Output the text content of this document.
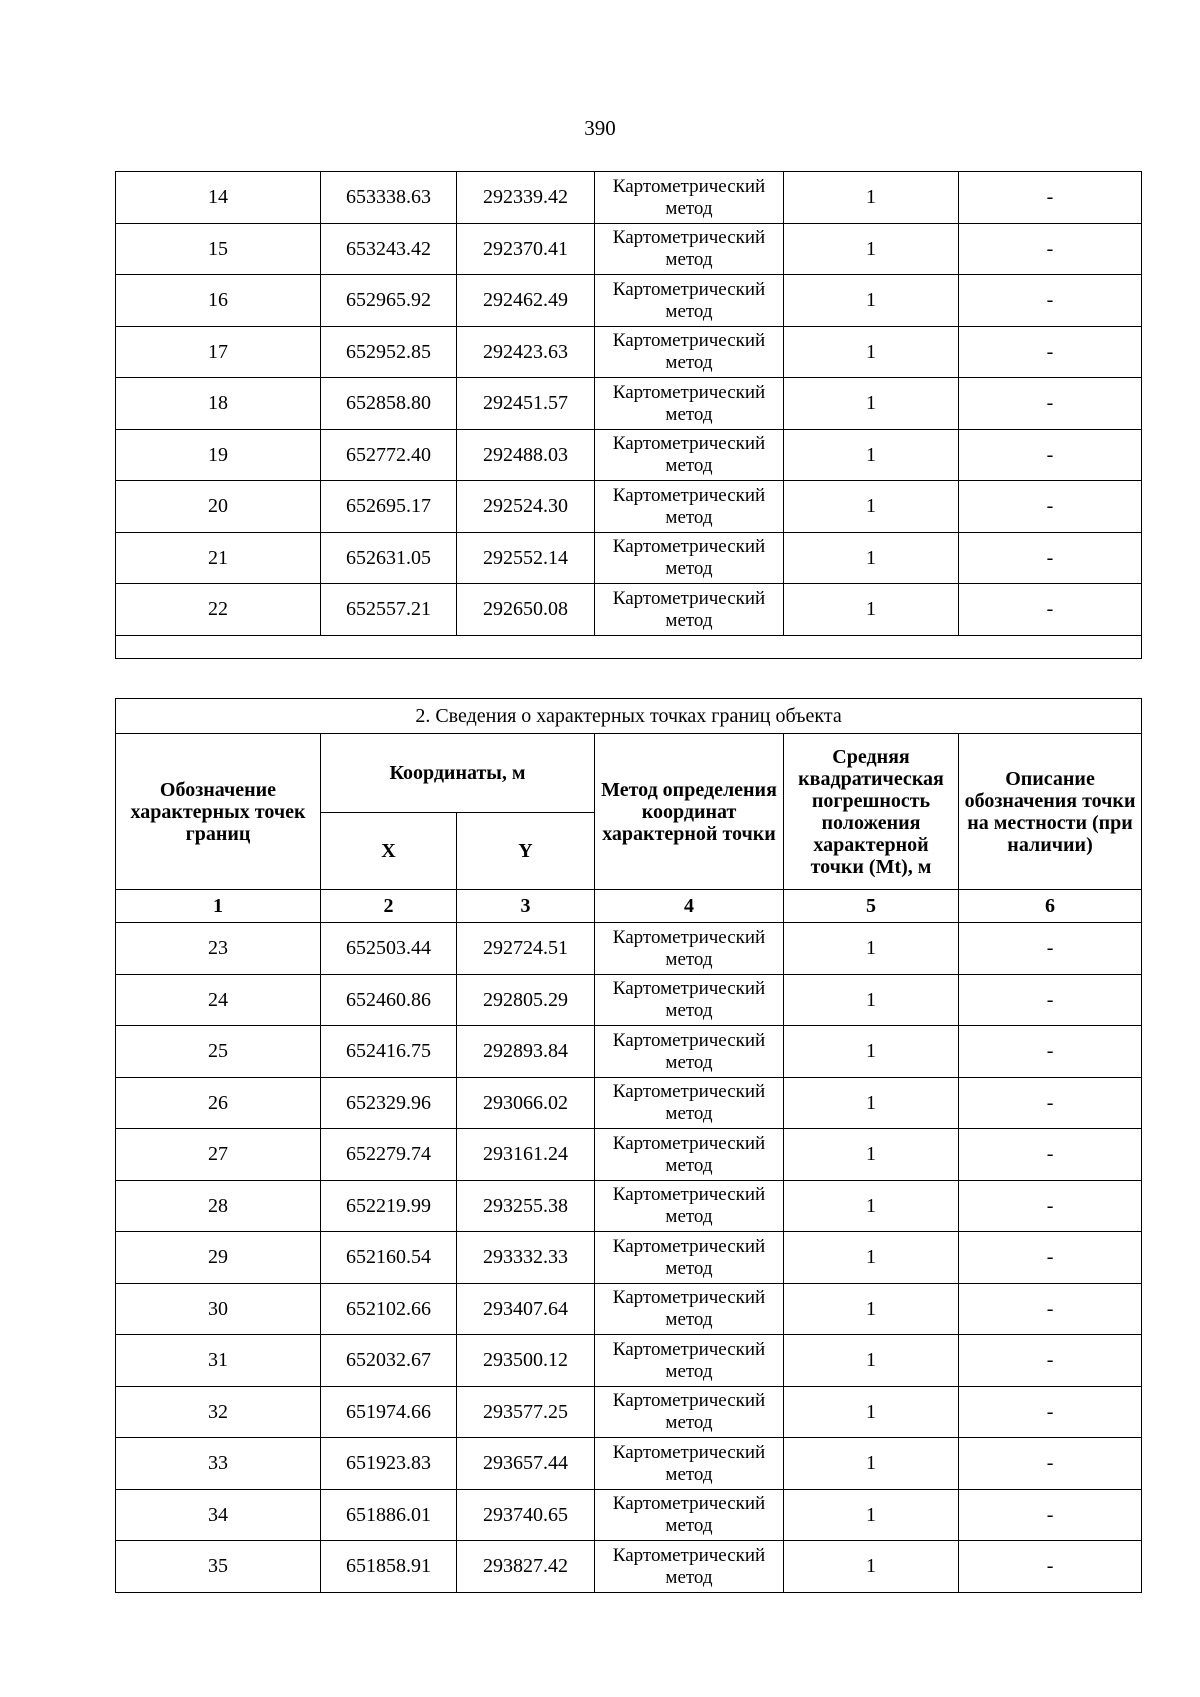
390
14	653338.63	292339.42	Картометрический метод	1	-
15	653243.42	292370.41	Картометрический метод	1	-
16	652965.92	292462.49	Картометрический метод	1	-
17	652952.85	292423.63	Картометрический метод	1	-
18	652858.80	292451.57	Картометрический метод	1	-
19	652772.40	292488.03	Картометрический метод	1	-
20	652695.17	292524.30	Картометрический метод	1	-
21	652631.05	292552.14	Картометрический метод	1	-
22	652557.21	292650.08	Картометрический метод	1	-

2. Сведения о характерных точках границ объекта					
Обозначение характерных точек границ	Координаты, м		Метод определения координат характерной точки	Средняя квадратическая погрешность положения характерной точки (Mt), м	Описание обозначения точки на местности (при наличии)
	X	Y			
1	2	3	4	5	6
23	652503.44	292724.51	Картометрический метод	1	-
24	652460.86	292805.29	Картометрический метод	1	-
25	652416.75	292893.84	Картометрический метод	1	-
26	652329.96	293066.02	Картометрический метод	1	-
27	652279.74	293161.24	Картометрический метод	1	-
28	652219.99	293255.38	Картометрический метод	1	-
29	652160.54	293332.33	Картометрический метод	1	-
30	652102.66	293407.64	Картометрический метод	1	-
31	652032.67	293500.12	Картометрический метод	1	-
32	651974.66	293577.25	Картометрический метод	1	-
33	651923.83	293657.44	Картометрический метод	1	-
34	651886.01	293740.65	Картометрический метод	1	-
35	651858.91	293827.42	Картометрический метод	1	-
